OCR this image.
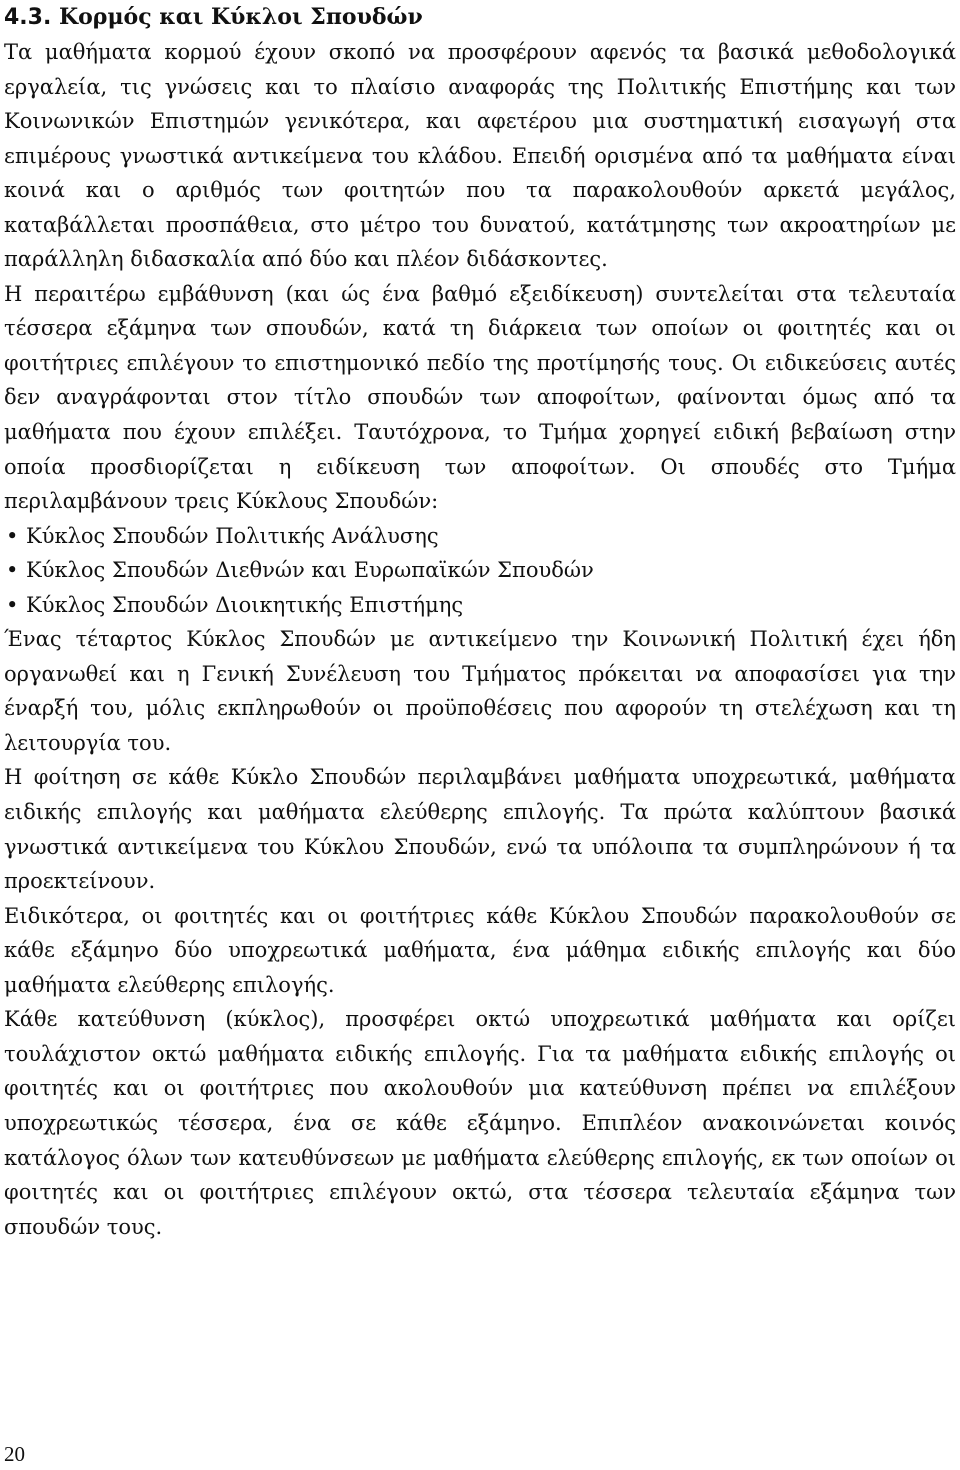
4.3. Κορμός και Κύκλοι Σπουδών

Τα μαθήματα κορμού έχουν σκοπό να προσφέρουν αφενός τα βασικά μεθοδολογικά εργαλεία, τις γνώσεις και το πλαίσιο αναφοράς της Πολιτικής Επιστήμης και των Κοινωνικών Επιστημών γενικότερα, και αφετέρου μια συστηματική εισαγωγή στα επιμέρους γνωστικά αντικείμενα του κλάδου. Επειδή ορισμένα από τα μαθήματα είναι κοινά και ο αριθμός των φοιτητών που τα παρακολουθούν αρκετά μεγάλος, καταβάλλεται προσπάθεια, στο μέτρο του δυνατού, κατάτμησης των ακροατηρίων με παράλληλη διδασκαλία από δύο και πλέον διδάσκοντες.

Η περαιτέρω εμβάθυνση (και ώς ένα βαθμό εξειδίκευση) συντελείται στα τελευταία τέσσερα εξάμηνα των σπουδών, κατά τη διάρκεια των οποίων οι φοιτητές και οι φοιτήτριες επιλέγουν το επιστημονικό πεδίο της προτίμησής τους. Οι ειδικεύσεις αυτές δεν αναγράφονται στον τίτλο σπουδών των αποφοίτων, φαίνονται όμως από τα μαθήματα που έχουν επιλέξει. Ταυτόχρονα, το Τμήμα χορηγεί ειδική βεβαίωση στην οποία προσδιορίζεται η ειδίκευση των αποφοίτων. Οι σπουδές στο Τμήμα περιλαμβάνουν τρεις Κύκλους Σπουδών:

• Κύκλος Σπουδών Πολιτικής Ανάλυσης
• Κύκλος Σπουδών Διεθνών και Ευρωπαϊκών Σπουδών
• Κύκλος Σπουδών Διοικητικής Επιστήμης

Ένας τέταρτος Κύκλος Σπουδών με αντικείμενο την Κοινωνική Πολιτική έχει ήδη οργανωθεί και η Γενική Συνέλευση του Τμήματος πρόκειται να αποφασίσει για την έναρξή του, μόλις εκπληρωθούν οι προϋποθέσεις που αφορούν τη στελέχωση και τη λειτουργία του.

Η φοίτηση σε κάθε Κύκλο Σπουδών περιλαμβάνει μαθήματα υποχρεωτικά, μαθήματα ειδικής επιλογής και μαθήματα ελεύθερης επιλογής. Τα πρώτα καλύπτουν βασικά γνωστικά αντικείμενα του Κύκλου Σπουδών, ενώ τα υπόλοιπα τα συμπληρώνουν ή τα προεκτείνουν.

Ειδικότερα, οι φοιτητές και οι φοιτήτριες κάθε Κύκλου Σπουδών παρακολουθούν σε κάθε εξάμηνο δύο υποχρεωτικά μαθήματα, ένα μάθημα ειδικής επιλογής και δύο μαθήματα ελεύθερης επιλογής.

Κάθε κατεύθυνση (κύκλος), προσφέρει οκτώ υποχρεωτικά μαθήματα και ορίζει τουλάχιστον οκτώ μαθήματα ειδικής επιλογής. Για τα μαθήματα ειδικής επιλογής οι φοιτητές και οι φοιτήτριες που ακολουθούν μια κατεύθυνση πρέπει να επιλέξουν υποχρεωτικώς τέσσερα, ένα σε κάθε εξάμηνο. Επιπλέον ανακοινώνεται κοινός κατάλογος όλων των κατευθύνσεων με μαθήματα ελεύθερης επιλογής, εκ των οποίων οι φοιτητές και οι φοιτήτριες επιλέγουν οκτώ, στα τέσσερα τελευταία εξάμηνα των σπουδών τους.

20
